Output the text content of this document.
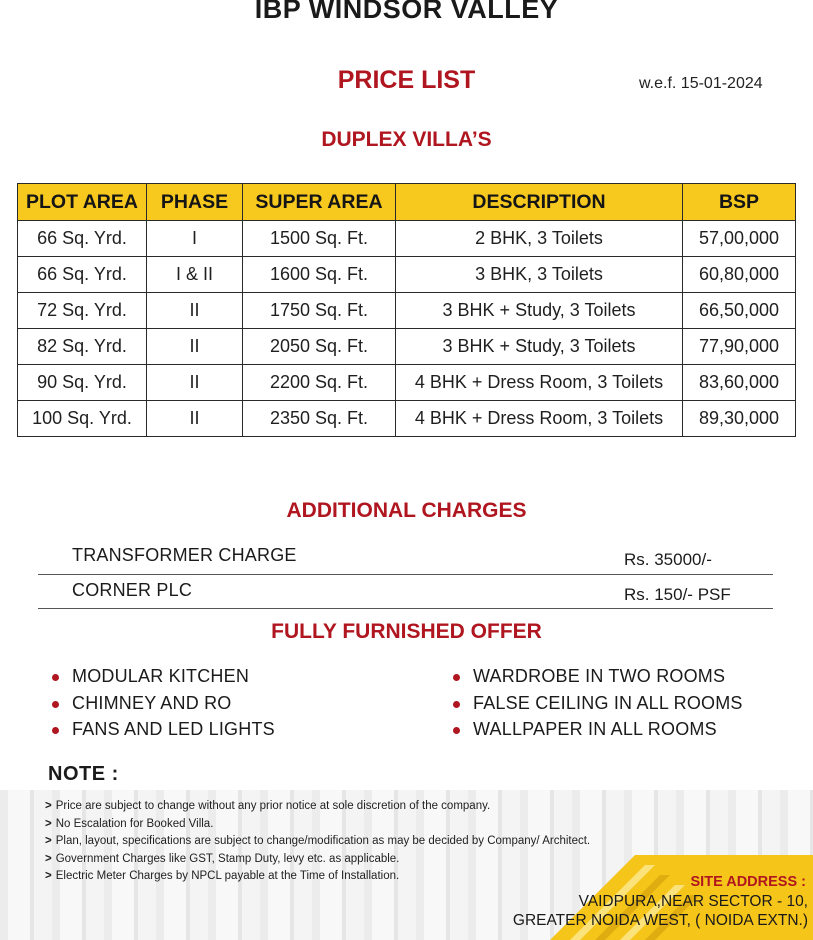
IBP WINDSOR VALLEY
PRICE LIST	w.e.f. 15-01-2024
DUPLEX VILLA’S
PLOT AREA	PHASE	SUPER AREA	DESCRIPTION	BSP
66 Sq. Yrd.	I	1500 Sq. Ft.	2 BHK, 3 Toilets	57,00,000
66 Sq. Yrd.	I & II	1600 Sq. Ft.	3 BHK, 3 Toilets	60,80,000
72 Sq. Yrd.	II	1750 Sq. Ft.	3 BHK + Study, 3 Toilets	66,50,000
82 Sq. Yrd.	II	2050 Sq. Ft.	3 BHK + Study, 3 Toilets	77,90,000
90 Sq. Yrd.	II	2200 Sq. Ft.	4 BHK + Dress Room, 3 Toilets	83,60,000
100 Sq. Yrd.	II	2350 Sq. Ft.	4 BHK + Dress Room, 3 Toilets	89,30,000
ADDITIONAL CHARGES
TRANSFORMER CHARGE	Rs. 35000/-
CORNER PLC	Rs. 150/- PSF
FULLY FURNISHED OFFER
MODULAR KITCHEN
CHIMNEY AND RO
FANS AND LED LIGHTS
WARDROBE IN TWO ROOMS
FALSE CEILING IN ALL ROOMS
WALLPAPER IN ALL ROOMS
NOTE :
> Price are subject to change without any prior notice at sole discretion of the company.
> No Escalation for Booked Villa.
> Plan, layout, specifications are subject to change/modification as may be decided by Company/ Architect.
> Government Charges like GST, Stamp Duty, levy etc. as applicable.
> Electric Meter Charges by NPCL payable at the Time of Installation.	SITE ADDRESS :
VAIDPURA,NEAR SECTOR - 10,
GREATER NOIDA WEST, ( NOIDA EXTN.)
